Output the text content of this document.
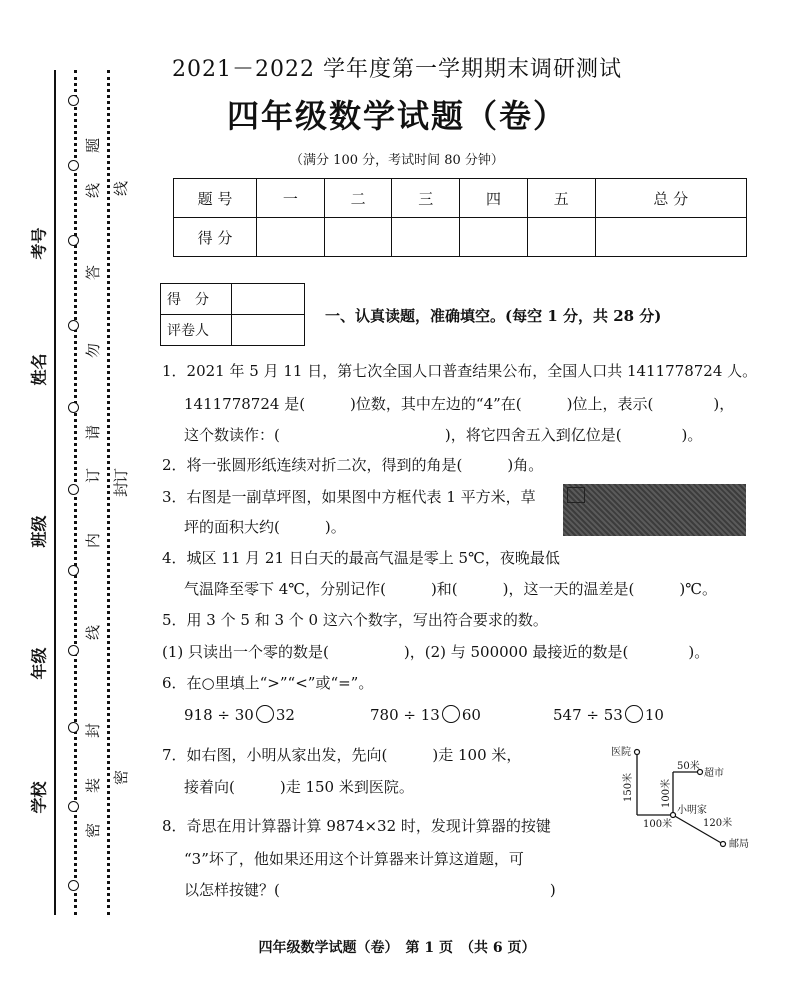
考号
姓名
班级
年级
学校
题
线
答
勿
请
订
内
线
封
装
密
线
订
封
密
2021－2022 学年度第一学期期末调研测试
四年级数学试题（卷）
（满分 100 分，考试时间 80 分钟）
题 号	一	二	三	四	五	总 分
得 分						
得　分	
评卷人	
一、认真读题，准确填空。(每空 1 分，共 28 分)
1．2021 年 5 月 11 日，第七次全国人口普查结果公布，全国人口共 1411778724 人。
1411778724 是(　　　)位数，其中左边的“4”在(　　　)位上，表示(　　　　)，
这个数读作：(　　　　　　　　　　　)，将它四舍五入到亿位是(　　　　)。
2．将一张圆形纸连续对折二次，得到的角是(　　　)角。
3．右图是一副草坪图，如果图中方框代表 1 平方米，草
坪的面积大约(　　　)。
4．城区 11 月 21 日白天的最高气温是零上 5℃，夜晚最低
气温降至零下 4℃，分别记作(　　　)和(　　　)，这一天的温差是(　　　)℃。
5．用 3 个 5 和 3 个 0 这六个数字，写出符合要求的数。
(1) 只读出一个零的数是(　　　　　)，(2) 与 500000 最接近的数是(　　　　)。
6．在○里填上“>”“<”或“=”。
918 ÷ 30 32	780 ÷ 13 60	547 ÷ 53 10
7．如右图，小明从家出发，先向(　　　)走 100 米，
接着向(　　　)走 150 米到医院。
医院
超市
小明家
邮局
50米
100米	120米
150米	100米
8．奇思在用计算器计算 9874×32 时，发现计算器的按键
“3”坏了，他如果还用这个计算器来计算这道题，可
以怎样按键？(　　　　　　　　　　　　　　　　　　)
四年级数学试题（卷）　第 1 页　（共 6 页）
